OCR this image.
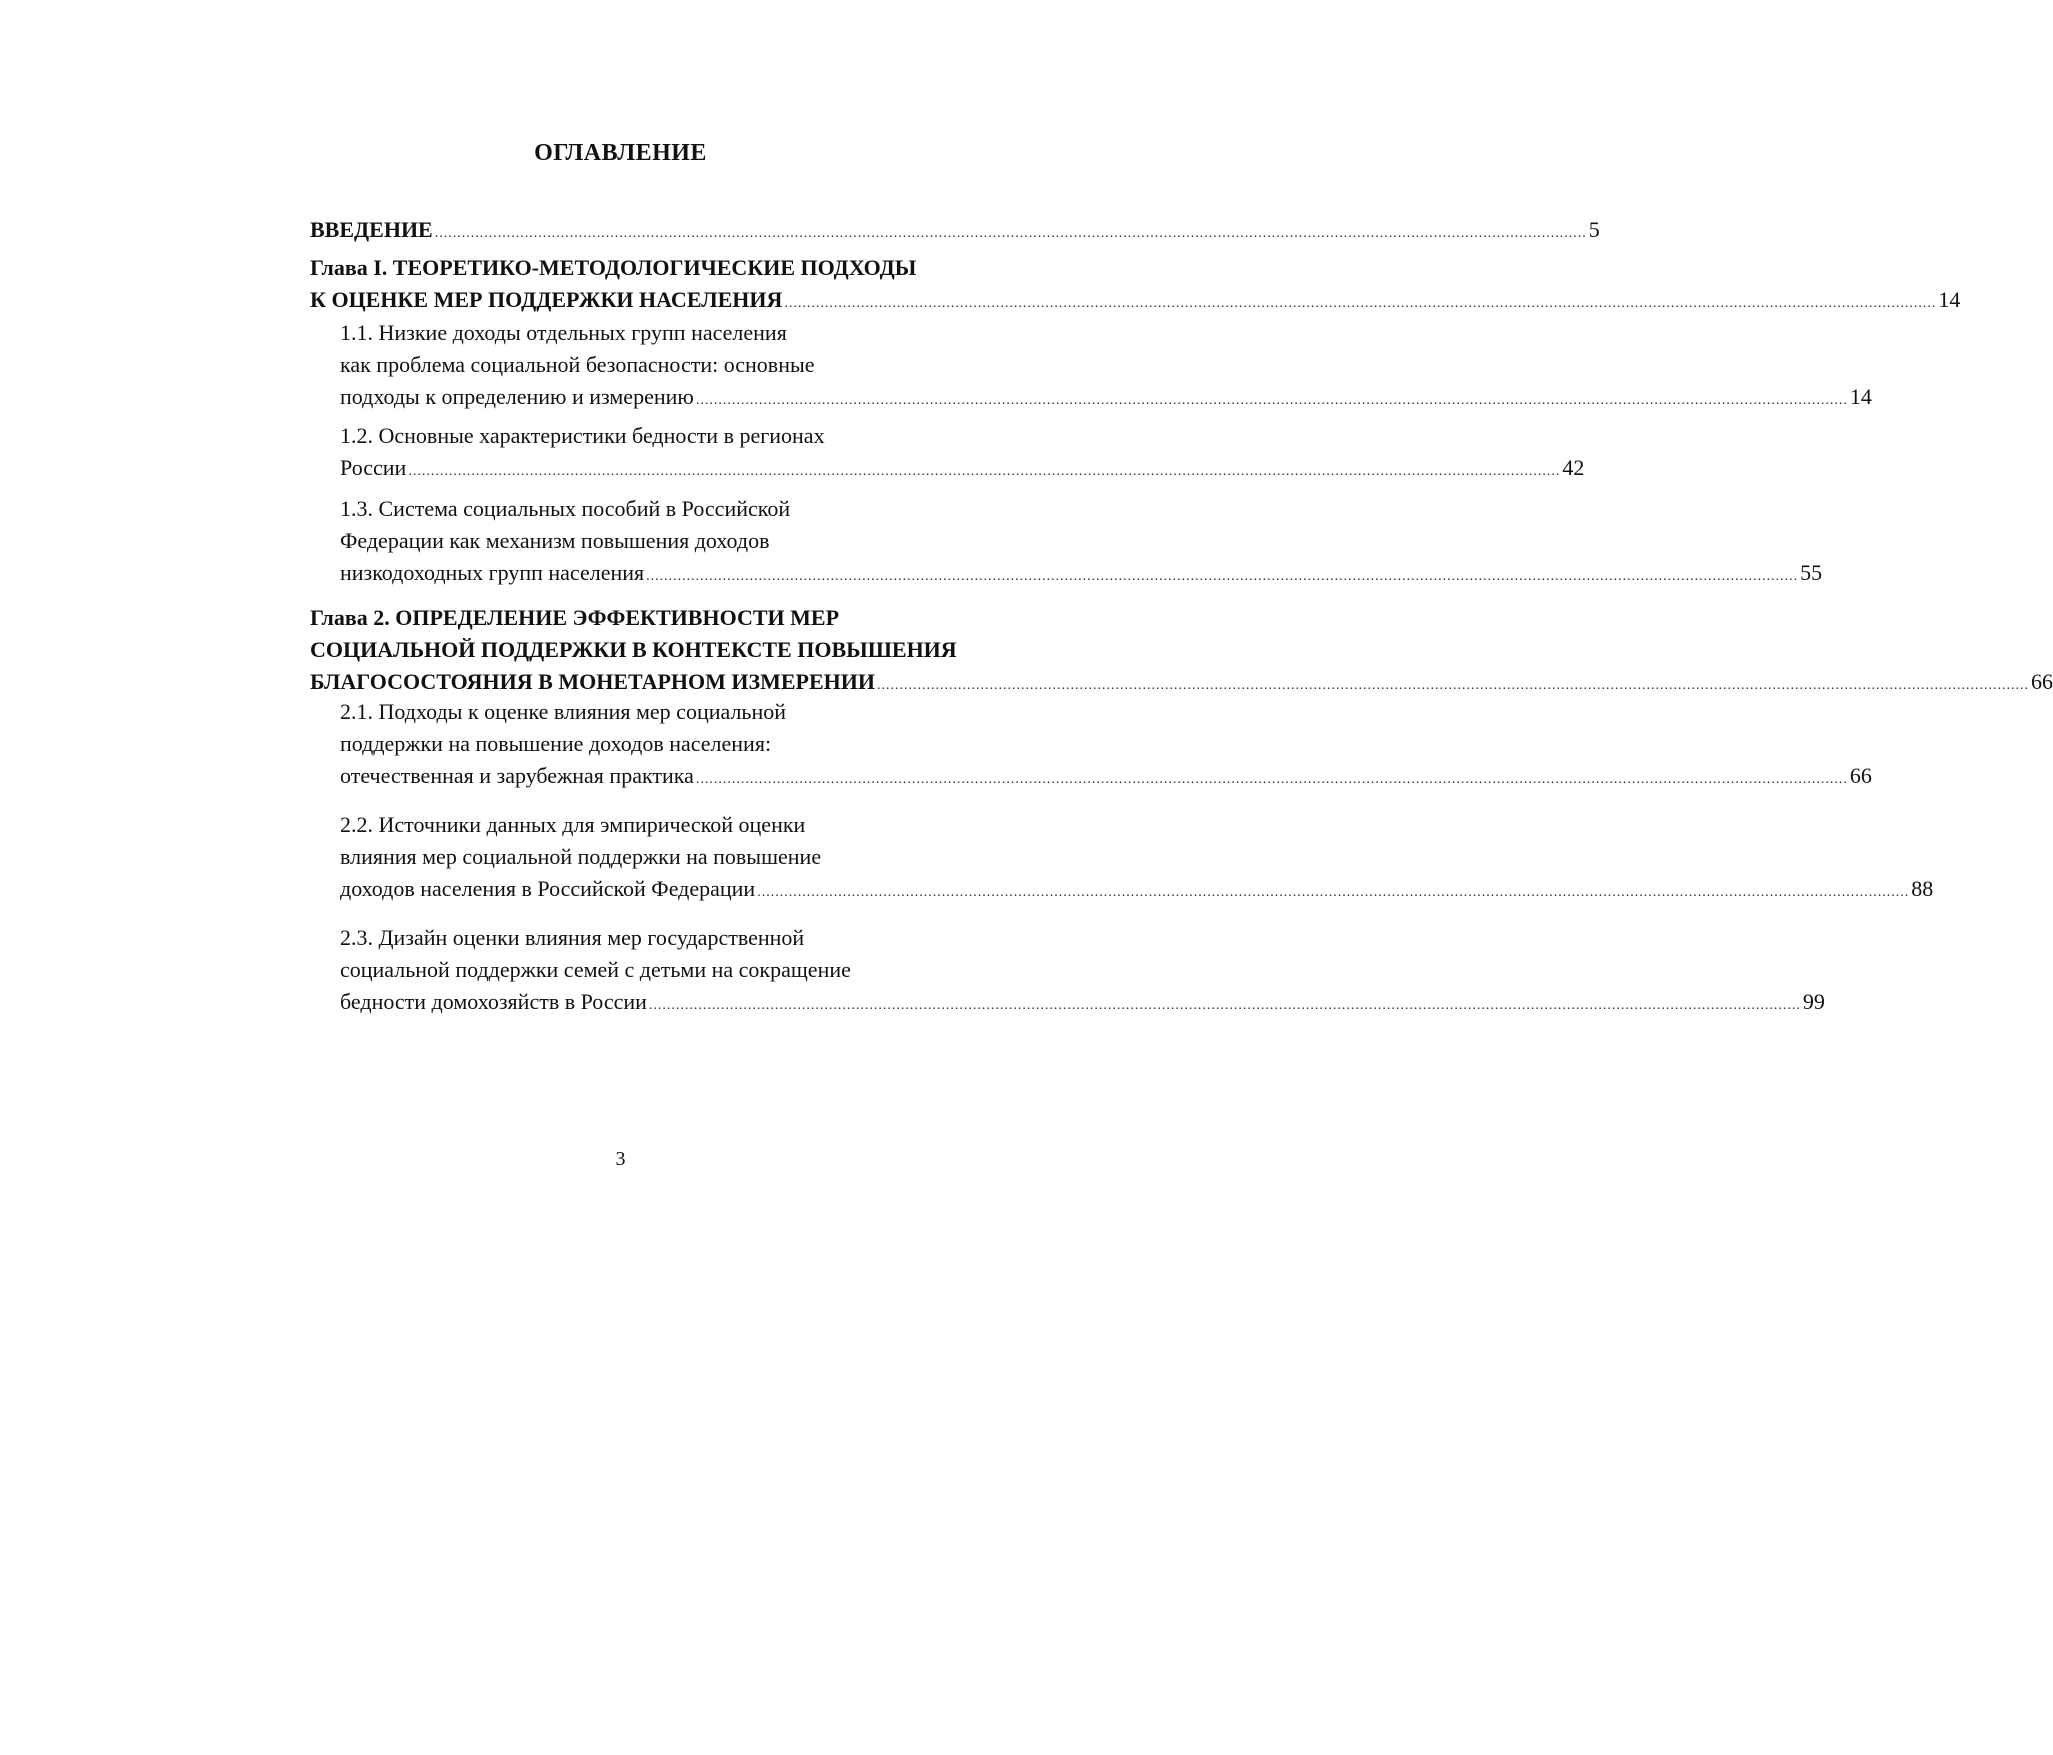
ОГЛАВЛЕНИЕ
ВВЕДЕНИЕ ................................................................................................................................................................................................................................................................ 5
Глава I. ТЕОРЕТИКО-МЕТОДОЛОГИЧЕСКИЕ ПОДХОДЫ
К ОЦЕНКЕ МЕР ПОДДЕРЖКИ НАСЕЛЕНИЯ ................................................................................................................................................................................................................................................................ 14
1.1. Низкие доходы отдельных групп населения
как проблема социальной безопасности: основные
подходы к определению и измерению ................................................................................................................................................................................................................................................................ 14
1.2. Основные характеристики бедности в регионах
России ................................................................................................................................................................................................................................................................ 42
1.3. Система социальных пособий в Российской
Федерации как механизм повышения доходов
низкодоходных групп населения ................................................................................................................................................................................................................................................................ 55
Глава 2. ОПРЕДЕЛЕНИЕ ЭФФЕКТИВНОСТИ МЕР
СОЦИАЛЬНОЙ ПОДДЕРЖКИ В КОНТЕКСТЕ ПОВЫШЕНИЯ
БЛАГОСОСТОЯНИЯ В МОНЕТАРНОМ ИЗМЕРЕНИИ ................................................................................................................................................................................................................................................................ 66
2.1. Подходы к оценке влияния мер социальной
поддержки на повышение доходов населения:
отечественная и зарубежная практика ................................................................................................................................................................................................................................................................ 66
2.2. Источники данных для эмпирической оценки
влияния мер социальной поддержки на повышение
доходов населения в Российской Федерации ................................................................................................................................................................................................................................................................ 88
2.3. Дизайн оценки влияния мер государственной
социальной поддержки семей с детьми на сокращение
бедности домохозяйств в России ................................................................................................................................................................................................................................................................ 99
3
